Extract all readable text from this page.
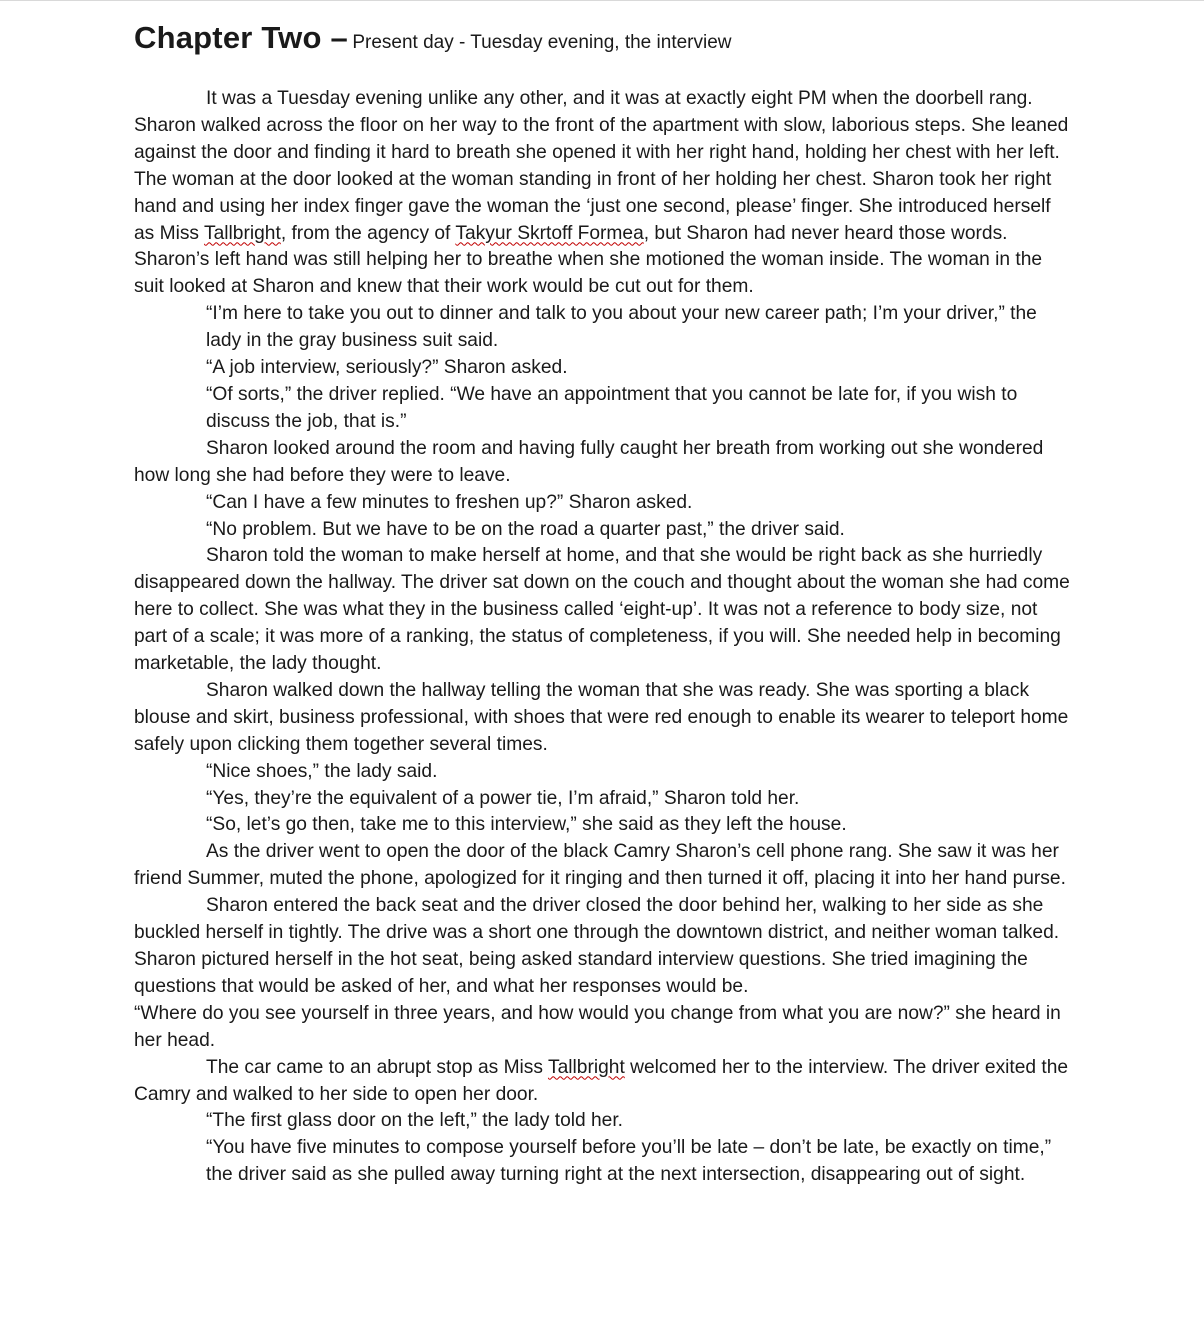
Chapter Two – Present day - Tuesday evening, the interview

It was a Tuesday evening unlike any other, and it was at exactly eight PM when the doorbell rang. Sharon walked across the floor on her way to the front of the apartment with slow, laborious steps. She leaned against the door and finding it hard to breath she opened it with her right hand, holding her chest with her left. The woman at the door looked at the woman standing in front of her holding her chest. Sharon took her right hand and using her index finger gave the woman the ‘just one second, please’ finger. She introduced herself as Miss Tallbright, from the agency of Takyur Skrtoff Formea, but Sharon had never heard those words. Sharon’s left hand was still helping her to breathe when she motioned the woman inside. The woman in the suit looked at Sharon and knew that their work would be cut out for them.

“I’m here to take you out to dinner and talk to you about your new career path; I’m your driver,” the lady in the gray business suit said.

“A job interview, seriously?” Sharon asked.

“Of sorts,” the driver replied. “We have an appointment that you cannot be late for, if you wish to discuss the job, that is.”

Sharon looked around the room and having fully caught her breath from working out she wondered how long she had before they were to leave.

“Can I have a few minutes to freshen up?” Sharon asked.

“No problem. But we have to be on the road a quarter past,” the driver said.

Sharon told the woman to make herself at home, and that she would be right back as she hurriedly disappeared down the hallway. The driver sat down on the couch and thought about the woman she had come here to collect. She was what they in the business called ‘eight-up’. It was not a reference to body size, not part of a scale; it was more of a ranking, the status of completeness, if you will. She needed help in becoming marketable, the lady thought.

Sharon walked down the hallway telling the woman that she was ready. She was sporting a black blouse and skirt, business professional, with shoes that were red enough to enable its wearer to teleport home safely upon clicking them together several times.

“Nice shoes,” the lady said.

“Yes, they’re the equivalent of a power tie, I’m afraid,” Sharon told her.

“So, let’s go then, take me to this interview,” she said as they left the house.

As the driver went to open the door of the black Camry Sharon’s cell phone rang. She saw it was her friend Summer, muted the phone, apologized for it ringing and then turned it off, placing it into her hand purse.

Sharon entered the back seat and the driver closed the door behind her, walking to her side as she buckled herself in tightly. The drive was a short one through the downtown district, and neither woman talked. Sharon pictured herself in the hot seat, being asked standard interview questions. She tried imagining the questions that would be asked of her, and what her responses would be.

“Where do you see yourself in three years, and how would you change from what you are now?” she heard in her head.

The car came to an abrupt stop as Miss Tallbright welcomed her to the interview. The driver exited the Camry and walked to her side to open her door.

“The first glass door on the left,” the lady told her.

“You have five minutes to compose yourself before you’ll be late – don’t be late, be exactly on time,” the driver said as she pulled away turning right at the next intersection, disappearing out of sight.
